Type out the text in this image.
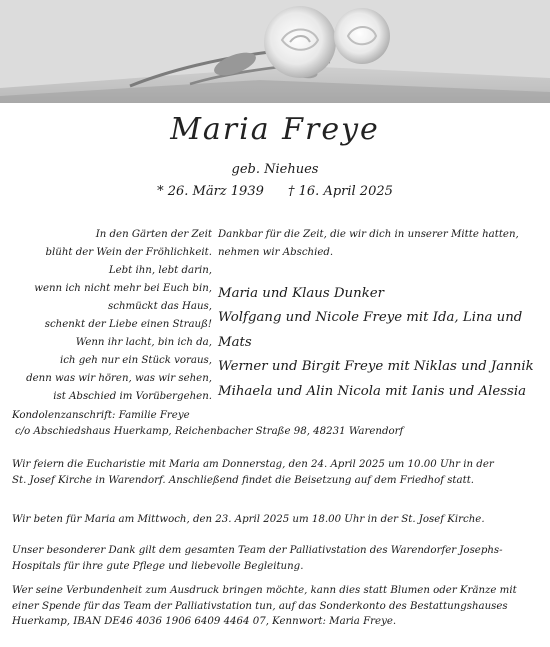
Maria Freye
geb. Niehues
* 26. März 1939 † 16. April 2025
In den Gärten der Zeit
blüht der Wein der Fröhlichkeit.
Lebt ihn, lebt darin,
wenn ich nicht mehr bei Euch bin,
schmückt das Haus,
schenkt der Liebe einen Strauß!
Wenn ihr lacht, bin ich da,
ich geh nur ein Stück voraus,
denn was wir hören, was wir sehen,
ist Abschied im Vorübergehen.
Dankbar für die Zeit, die wir dich in unserer Mitte hatten,
nehmen wir Abschied.
Maria und Klaus Dunker
Wolfgang und Nicole Freye mit Ida, Lina und
Mats
Werner und Birgit Freye mit Niklas und Jannik
Mihaela und Alin Nicola mit Ianis und Alessia
Kondolenzanschrift: Familie Freye
c/o Abschiedshaus Huerkamp, Reichenbacher Straße 98, 48231 Warendorf
Wir feiern die Eucharistie mit Maria am Donnerstag, den 24. April 2025 um 10.00 Uhr in der
St. Josef Kirche in Warendorf. Anschließend findet die Beisetzung auf dem Friedhof statt.
Wir beten für Maria am Mittwoch, den 23. April 2025 um 18.00 Uhr in der St. Josef Kirche.
Unser besonderer Dank gilt dem gesamten Team der Palliativstation des Warendorfer Josephs-
Hospitals für ihre gute Pflege und liebevolle Begleitung.
Wer seine Verbundenheit zum Ausdruck bringen möchte, kann dies statt Blumen oder Kränze mit
einer Spende für das Team der Palliativstation tun, auf das Sonderkonto des Bestattungshauses
Huerkamp, IBAN DE46 4036 1906 6409 4464 07, Kennwort: Maria Freye.
